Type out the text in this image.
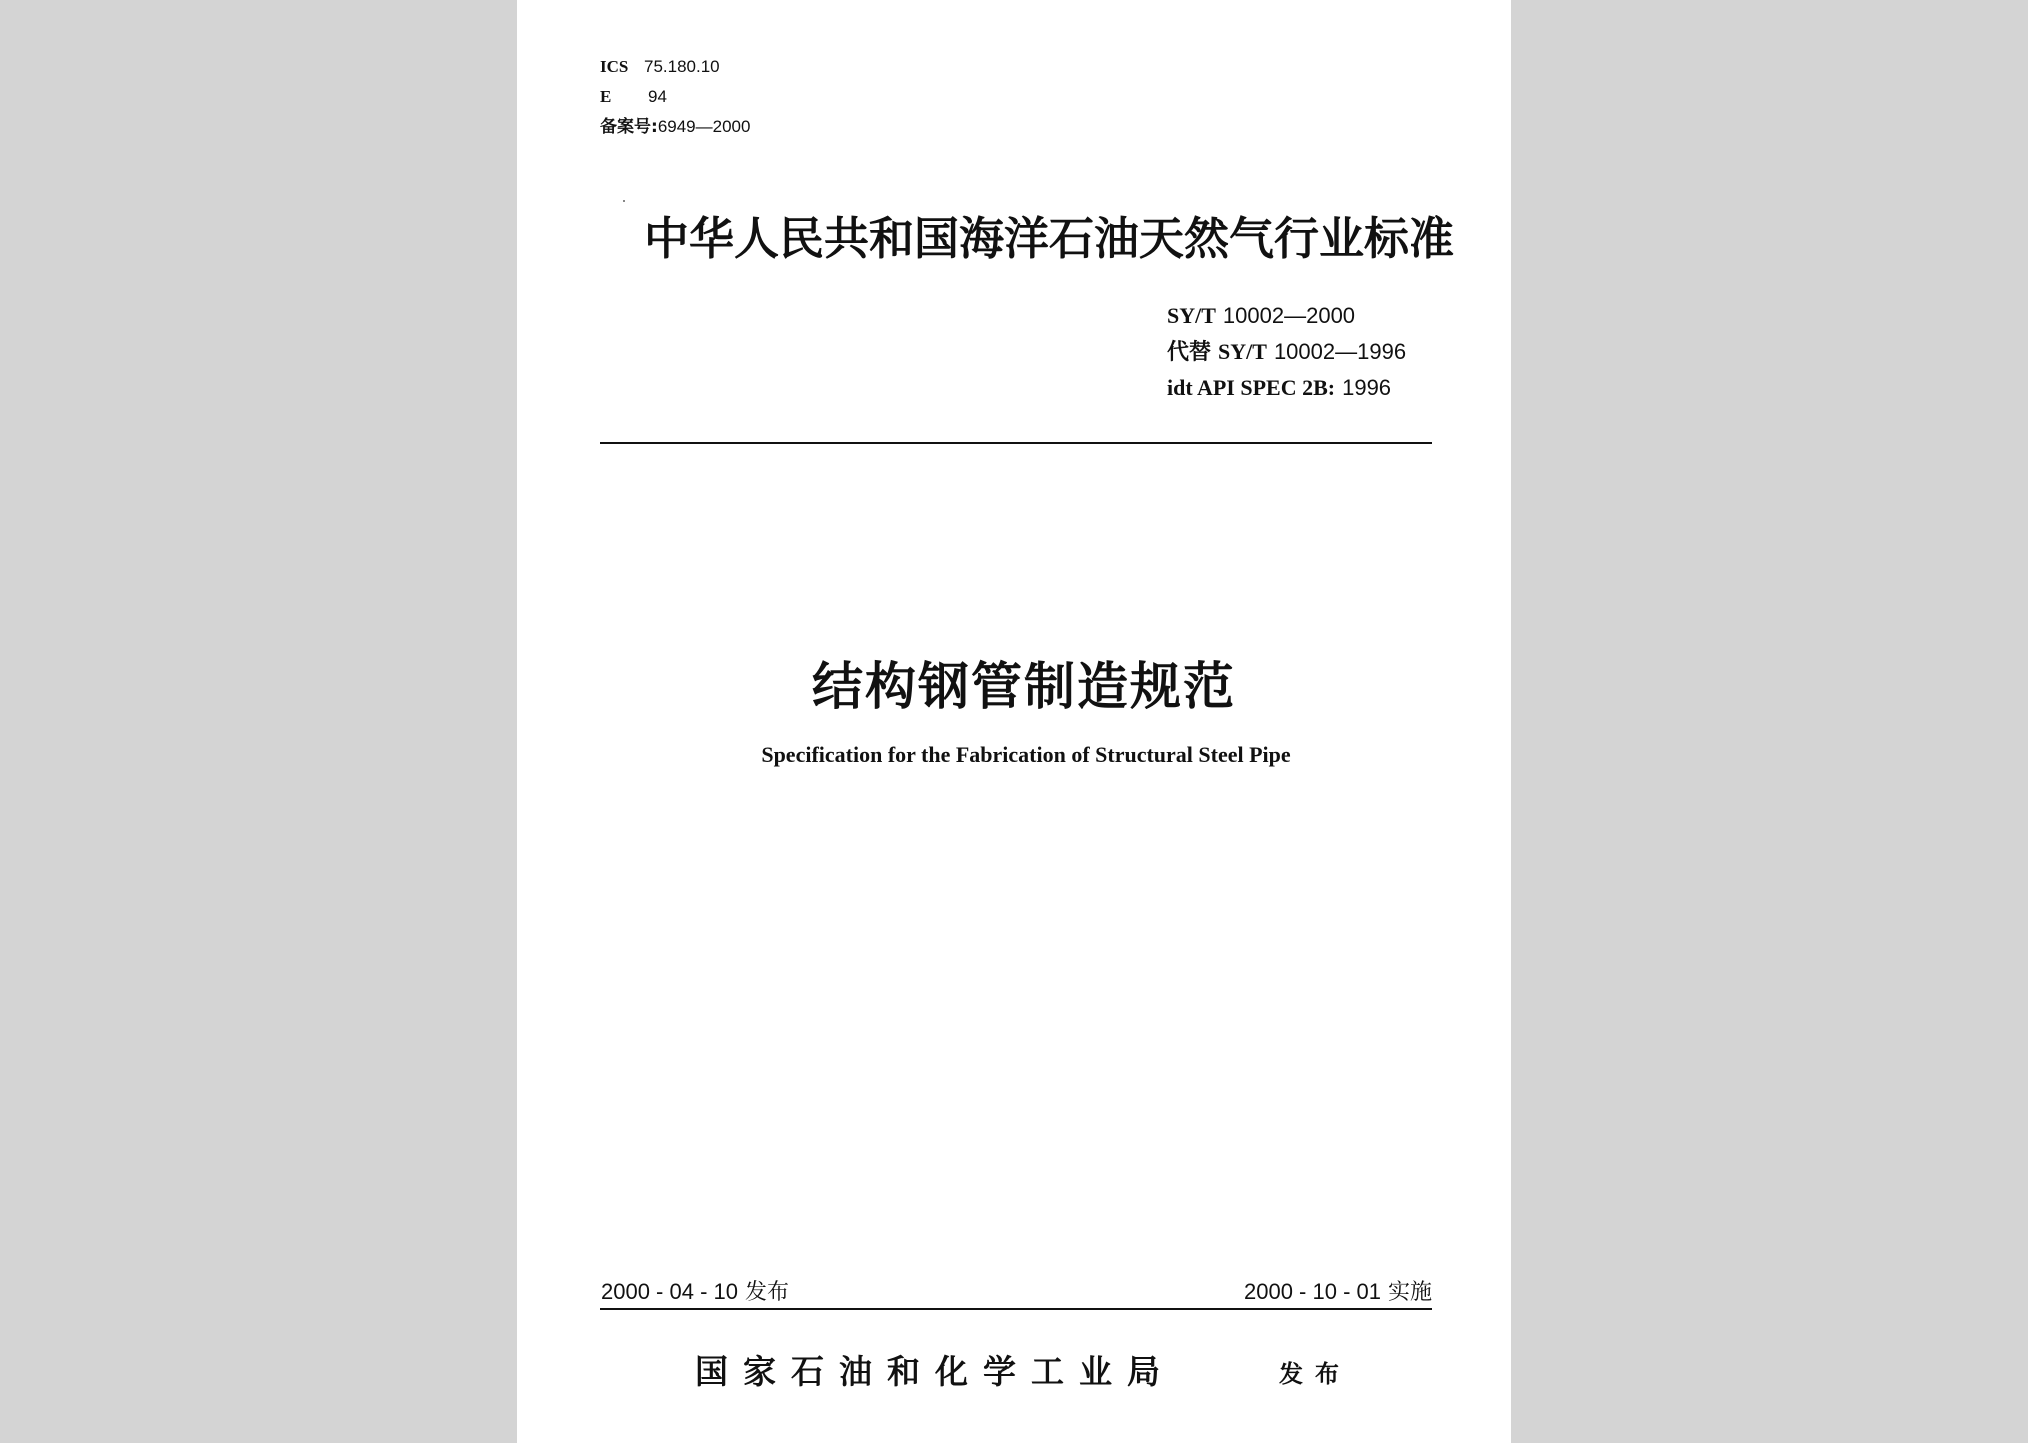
ICS 75.180.10
E	94
备案号: 6949—2000
中华人民共和国海洋石油天然气行业标准
SY/T 10002—2000
代替 SY/T 10002—1996
idt API SPEC 2B: 1996
结构钢管制造规范
Specification for the Fabrication of Structural Steel Pipe
2000 - 04 - 10 发布	2000 - 10 - 01 实施
国家石油和化学工业局	发布
